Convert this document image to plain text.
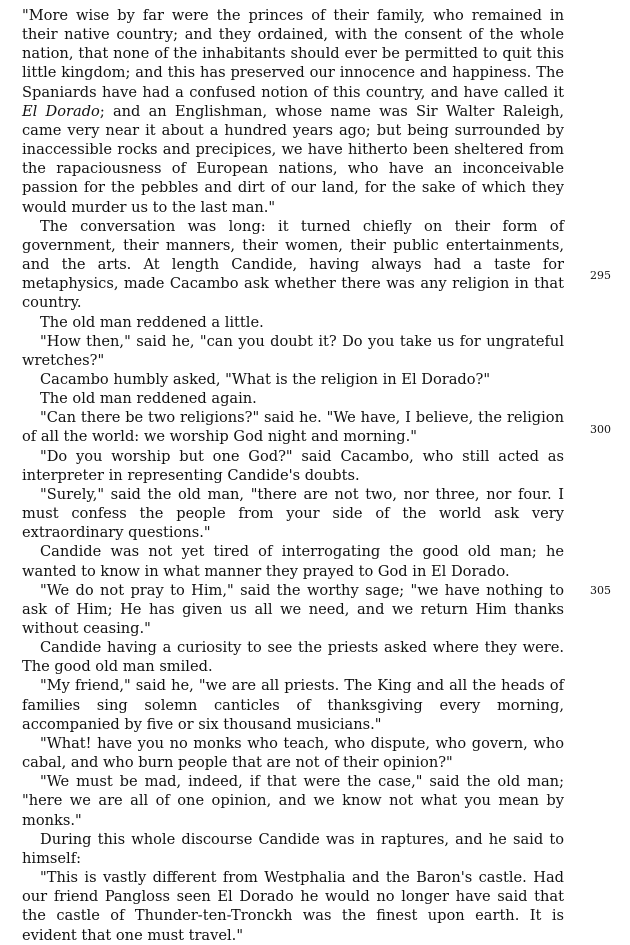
"More wise by far were the princes of their family, who remained in their native country; and they ordained, with the consent of the whole nation, that none of the inhabitants should ever be permitted to quit this little kingdom; and this has preserved our innocence and happiness. The Spaniards have had a confused notion of this country, and have called it El Dorado; and an Englishman, whose name was Sir Walter Raleigh, came very near it about a hundred years ago; but being surrounded by inaccessible rocks and precipices, we have hitherto been sheltered from the rapaciousness of European nations, who have an inconceivable passion for the pebbles and dirt of our land, for the sake of which they would murder us to the last man."

The conversation was long: it turned chiefly on their form of government, their manners, their women, their public entertainments, and the arts. At length Candide, having always had a taste for metaphysics, made Cacambo ask whether there was any religion in that country.

The old man reddened a little.

"How then," said he, "can you doubt it? Do you take us for ungrateful wretches?"

Cacambo humbly asked, "What is the religion in El Dorado?"

The old man reddened again.

"Can there be two religions?" said he. "We have, I believe, the religion of all the world: we worship God night and morning."

"Do you worship but one God?" said Cacambo, who still acted as interpreter in representing Candide's doubts.

"Surely," said the old man, "there are not two, nor three, nor four. I must confess the people from your side of the world ask very extraordinary questions."

Candide was not yet tired of interrogating the good old man; he wanted to know in what manner they prayed to God in El Dorado.

"We do not pray to Him," said the worthy sage; "we have nothing to ask of Him; He has given us all we need, and we return Him thanks without ceasing."

Candide having a curiosity to see the priests asked where they were. The good old man smiled.

"My friend," said he, "we are all priests. The King and all the heads of families sing solemn canticles of thanksgiving every morning, accompanied by five or six thousand musicians."

"What! have you no monks who teach, who dispute, who govern, who cabal, and who burn people that are not of their opinion?"

"We must be mad, indeed, if that were the case," said the old man; "here we are all of one opinion, and we know not what you mean by monks."

During this whole discourse Candide was in raptures, and he said to himself:

"This is vastly different from Westphalia and the Baron's castle. Had our friend Pangloss seen El Dorado he would no longer have said that the castle of Thunder-ten-Tronckh was the finest upon earth. It is evident that one must travel."

295
300
305
